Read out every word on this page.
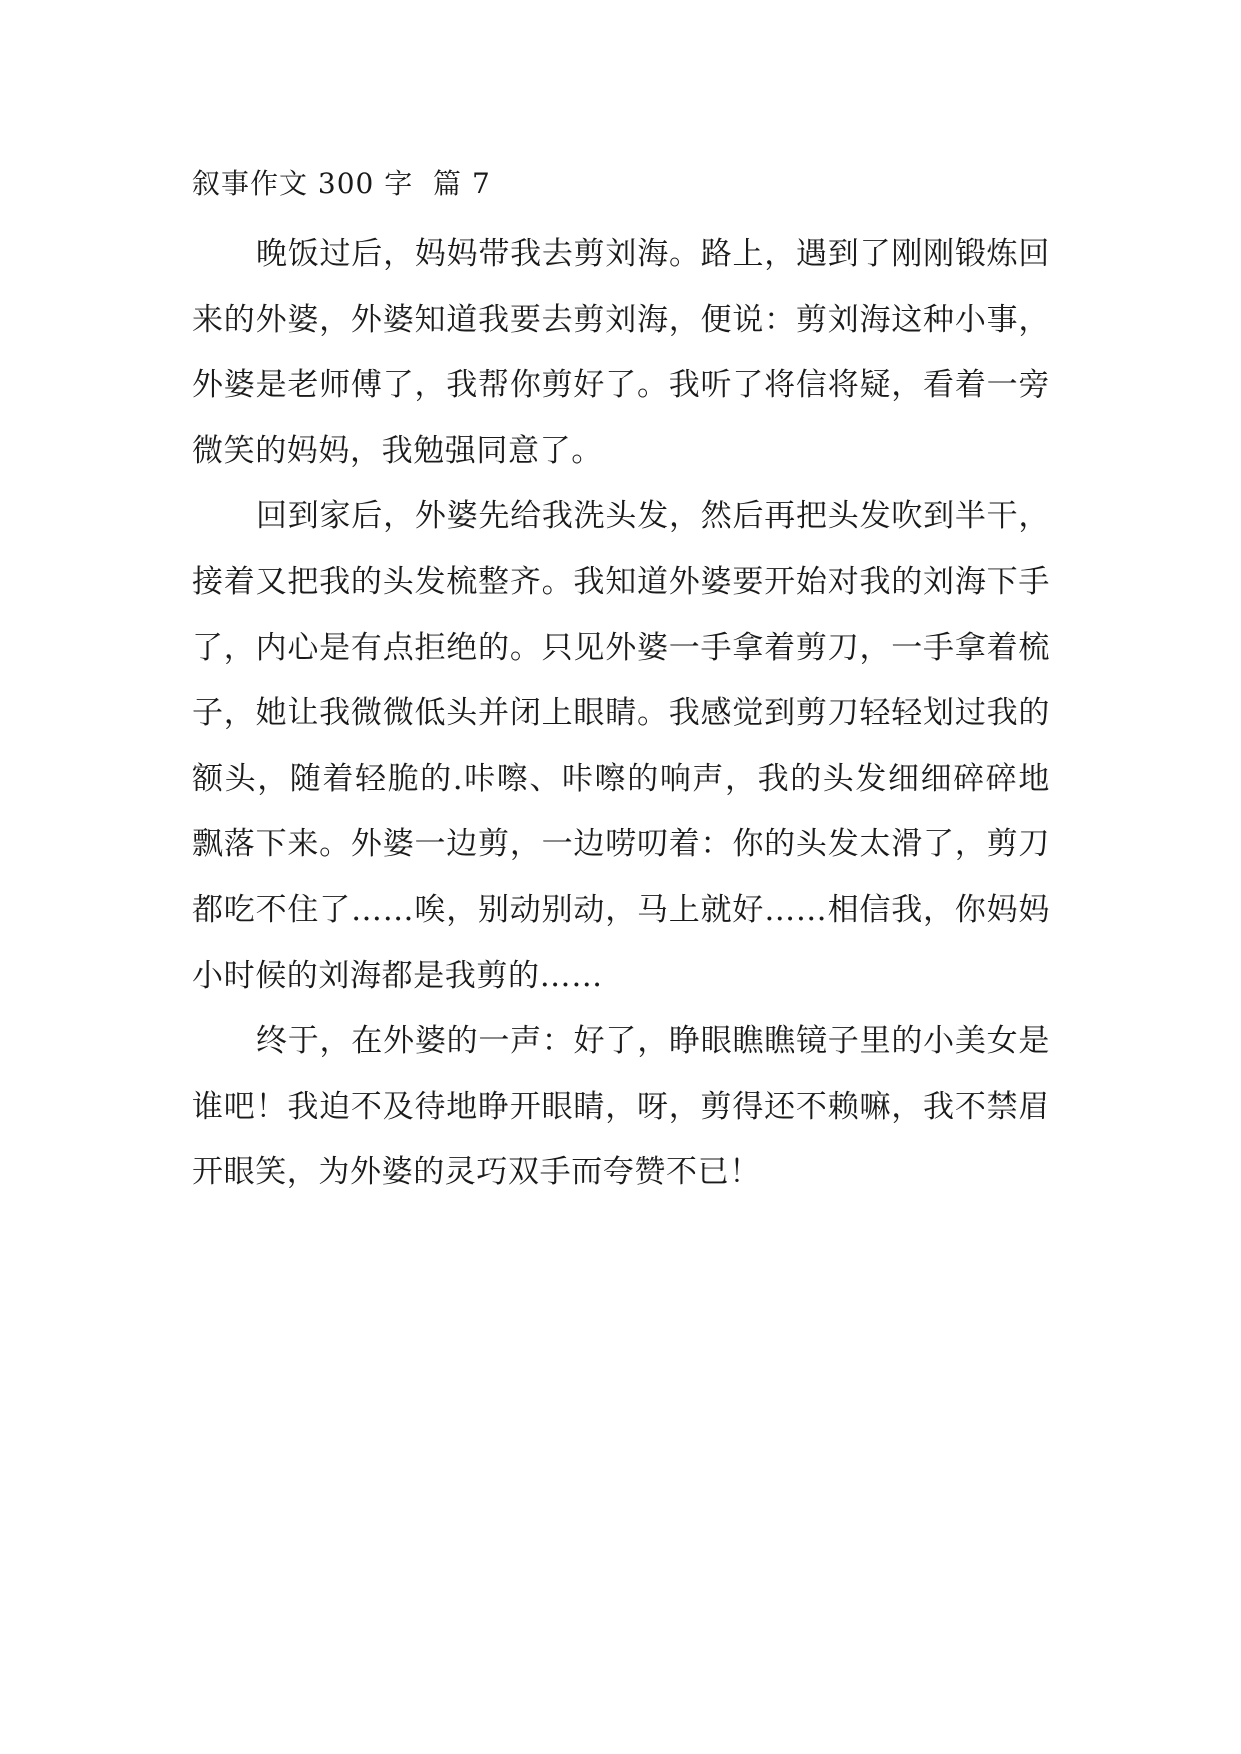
叙事作文 300 字  篇 7

晚饭过后，妈妈带我去剪刘海。路上，遇到了刚刚锻炼回来的外婆，外婆知道我要去剪刘海，便说：剪刘海这种小事，外婆是老师傅了，我帮你剪好了。我听了将信将疑，看着一旁微笑的妈妈，我勉强同意了。

回到家后，外婆先给我洗头发，然后再把头发吹到半干，接着又把我的头发梳整齐。我知道外婆要开始对我的刘海下手了，内心是有点拒绝的。只见外婆一手拿着剪刀，一手拿着梳子，她让我微微低头并闭上眼睛。我感觉到剪刀轻轻划过我的额头，随着轻脆的.咔嚓、咔嚓的响声，我的头发细细碎碎地飘落下来。外婆一边剪，一边唠叨着：你的头发太滑了，剪刀都吃不住了……唉，别动别动，马上就好……相信我，你妈妈小时候的刘海都是我剪的……

终于，在外婆的一声：好了，睁眼瞧瞧镜子里的小美女是谁吧！我迫不及待地睁开眼睛，呀，剪得还不赖嘛，我不禁眉开眼笑，为外婆的灵巧双手而夸赞不已！
